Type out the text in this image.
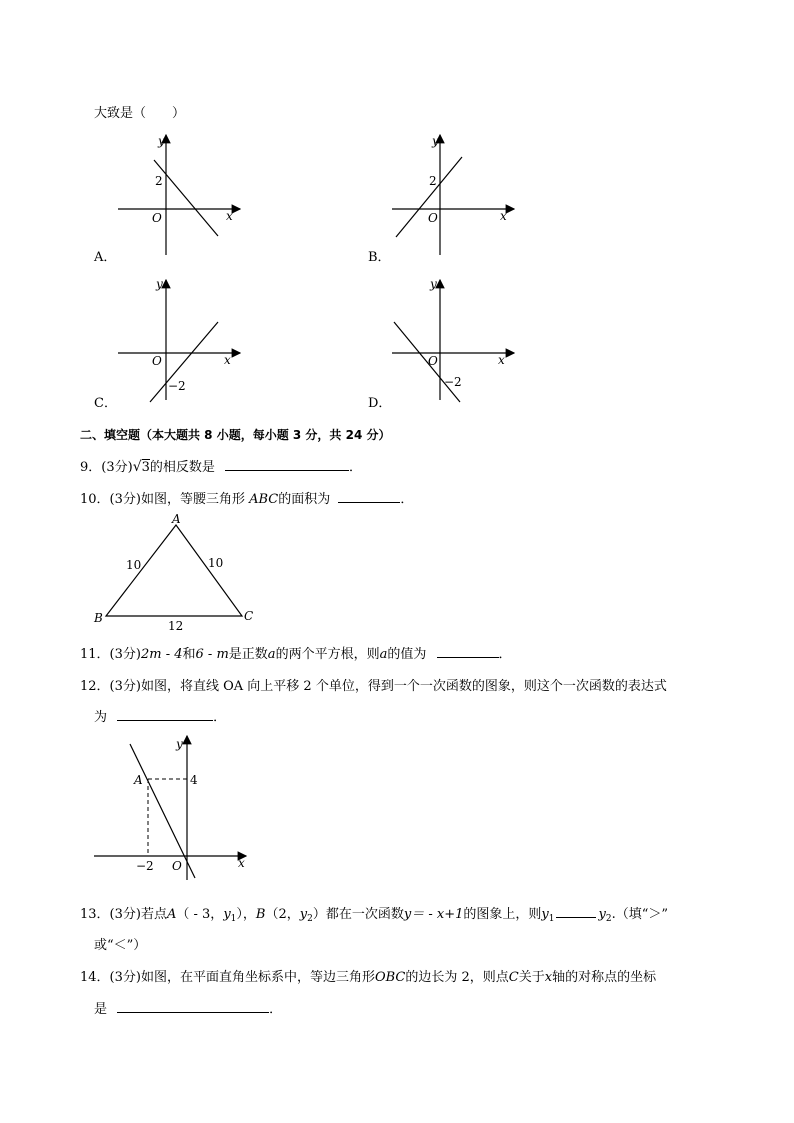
大致是（　　）
y
x
O
2
A．
y
x
O
2
B．
y
x
O
−2
C．
y
x
O
−2
D．
二、填空题（本大题共 8 小题，每小题 3 分，共 24 分）
9．(3分)√3的相反数是	．
10．(3分)如图，等腰三角形 ABC的面积为	．
A
B	C
10	10
12
11．(3分)2m - 4和6 - m是正数a的两个平方根，则a的值为	．
12．(3分)如图，将直线 OA 向上平移 2 个单位，得到一个一次函数的图象，则这个一次函数的表达式
为	．
y
x
O
A	4
−2
13．(3分)若点A（ - 3，$y_1$），B（2，$y_2$）都在一次函数y＝ - x+1的图象上，则$y_1$	$y_2$.（填“＞”
或“＜”）
14．(3分)如图，在平面直角坐标系中，等边三角形OBC的边长为 2，则点C关于x轴的对称点的坐标
是	．
